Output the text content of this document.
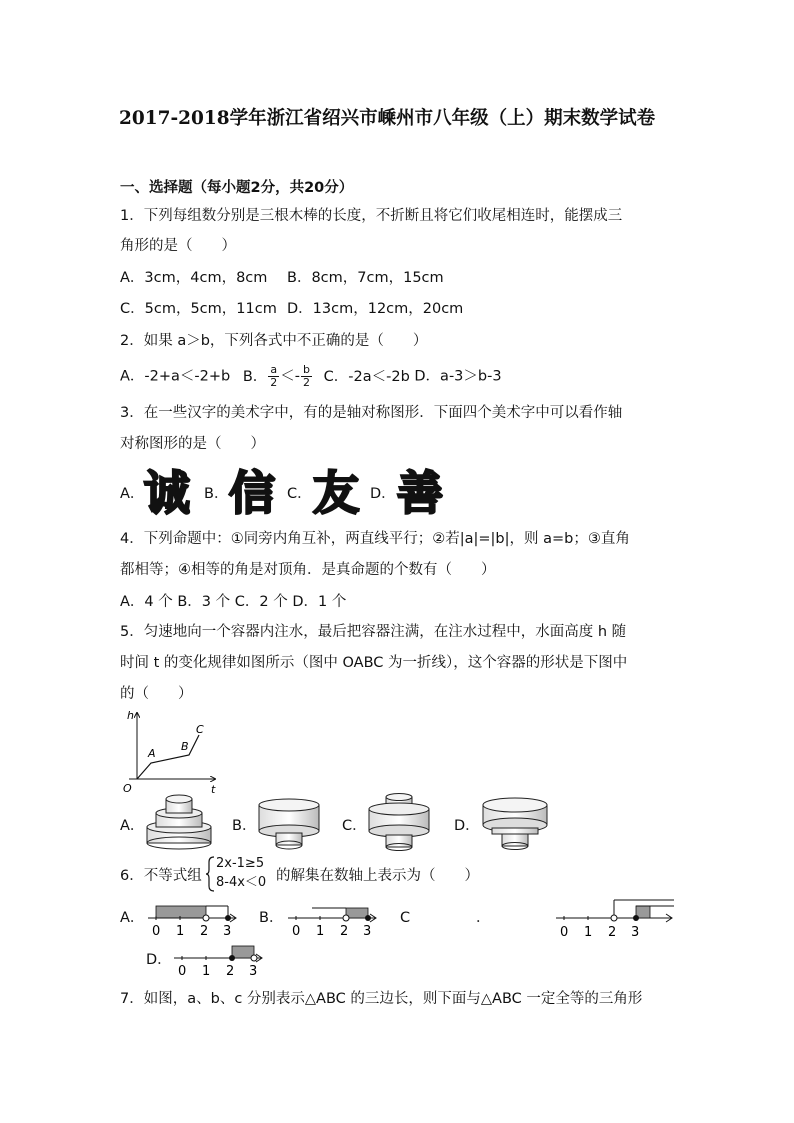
2017-2018学年浙江省绍兴市嵊州市八年级（上）期末数学试卷
一、选择题（每小题2分，共20分）
1．下列每组数分别是三根木棒的长度，不折断且将它们收尾相连时，能摆成三
角形的是（　　）
A．3cm，4cm，8cm B．8cm，7cm，15cm
C．5cm，5cm，11cm D．13cm，12cm，20cm
2．如果 a＞b，下列各式中不正确的是（　　）
A．-2+a＜-2+b B． $\frac{a}{2} <- \frac{b}{2}$ C．-2a＜-2b D．a-3＞b-3
3．在一些汉字的美术字中，有的是轴对称图形．下面四个美术字中可以看作轴
对称图形的是（　　）
A． 诚 B． 信 C． 友 D． 善
4．下列命题中：①同旁内角互补，两直线平行；②若|a|=|b|，则 a=b；③直角
都相等；④相等的角是对顶角．是真命题的个数有（　　）
A．4 个 B．3 个 C．2 个 D．1 个
5．匀速地向一个容器内注水，最后把容器注满，在注水过程中，水面高度 h 随
时间 t 的变化规律如图所示（图中 OABC 为一折线），这个容器的形状是下图中
的（　　）
h
t
O
A
B
C
A．	B．	C．	D．
6．不等式组
2x-1≥5
8-4x＜0 的解集在数轴上表示为（　　）
A．
0 1 2 3
B．
0 1 2 3
C	．
0 1 2 3
D．
0 1 2 3
7．如图，a、b、c 分别表示△ABC 的三边长，则下面与△ABC 一定全等的三角形
